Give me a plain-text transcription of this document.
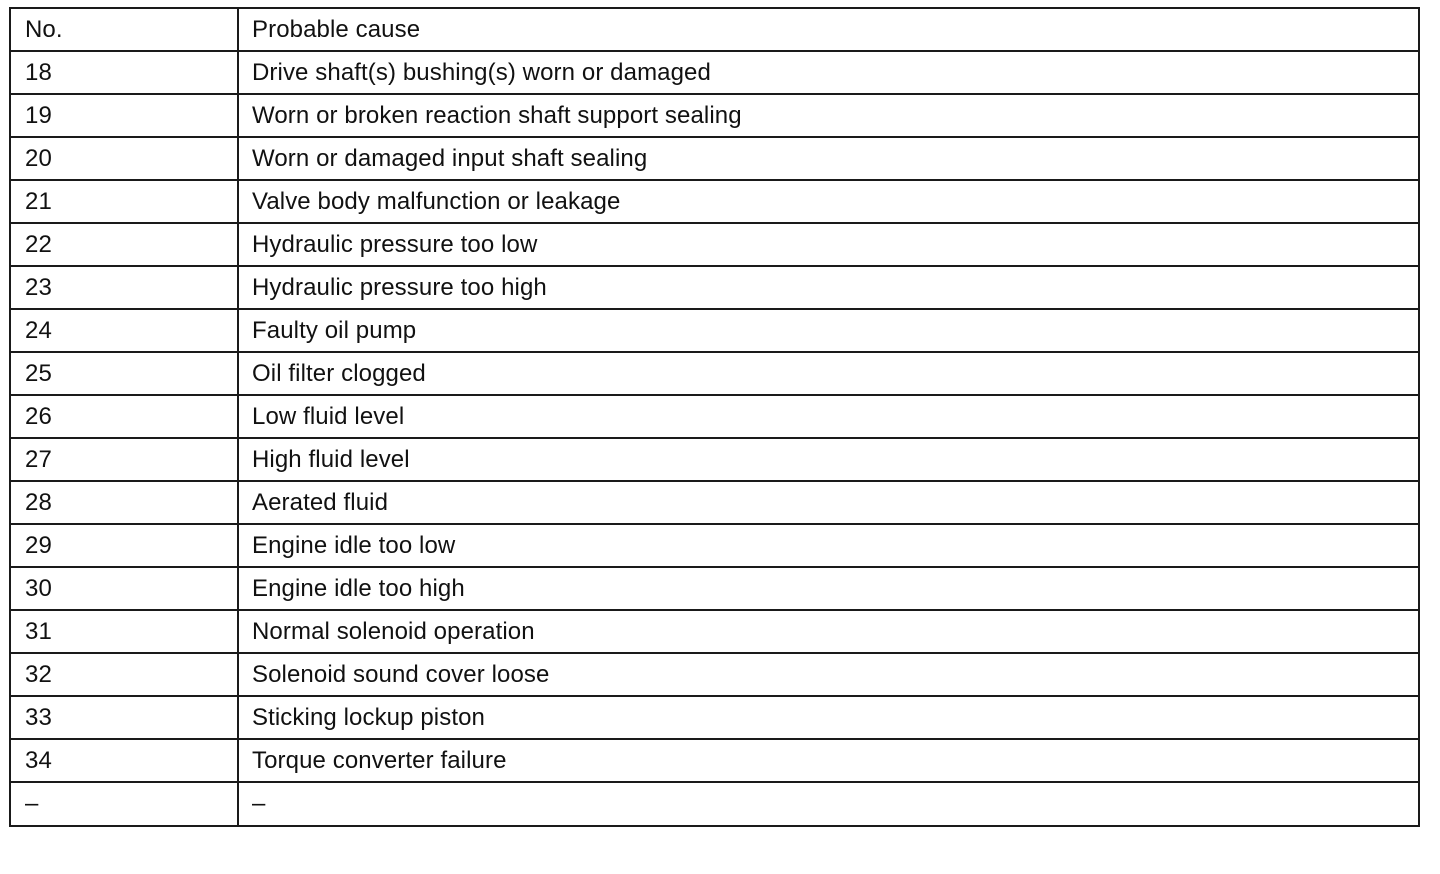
No.	Probable cause
18	Drive shaft(s) bushing(s) worn or damaged
19	Worn or broken reaction shaft support sealing
20	Worn or damaged input shaft sealing
21	Valve body malfunction or leakage
22	Hydraulic pressure too low
23	Hydraulic pressure too high
24	Faulty oil pump
25	Oil filter clogged
26	Low fluid level
27	High fluid level
28	Aerated fluid
29	Engine idle too low
30	Engine idle too high
31	Normal solenoid operation
32	Solenoid sound cover loose
33	Sticking lockup piston
34	Torque converter failure
–	–
